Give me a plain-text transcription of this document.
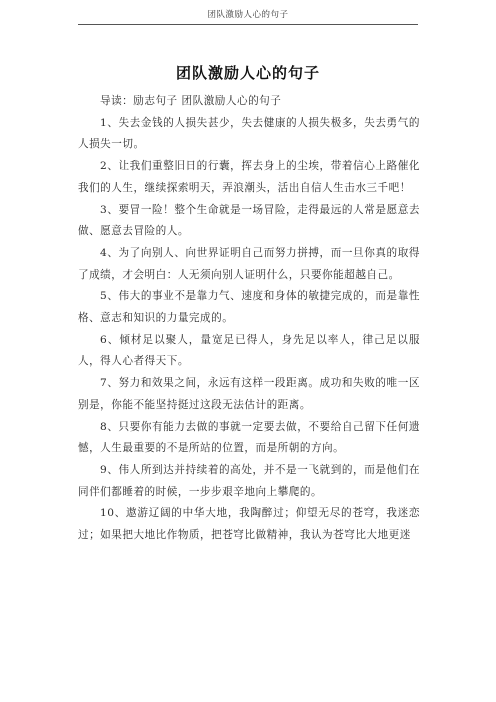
团队激励人心的句子
团队激励人心的句子

导读：励志句子 团队激励人心的句子

1、失去金钱的人损失甚少，失去健康的人损失极多，失去勇气的人损失一切。

2、让我们重整旧日的行囊，挥去身上的尘埃，带着信心上路催化我们的人生，继续探索明天，弄浪潮头，活出自信人生击水三千吧！

3、要冒一险！整个生命就是一场冒险，走得最远的人常是愿意去做、愿意去冒险的人。

4、为了向别人、向世界证明自己而努力拼搏，而一旦你真的取得了成绩，才会明白：人无须向别人证明什么，只要你能超越自己。

5、伟大的事业不是靠力气、速度和身体的敏捷完成的，而是靠性格、意志和知识的力量完成的。

6、倾材足以聚人，量宽足已得人，身先足以率人，律己足以服人，得人心者得天下。

7、努力和效果之间，永远有这样一段距离。成功和失败的唯一区别是，你能不能坚持挺过这段无法估计的距离。

8、只要你有能力去做的事就一定要去做，不要给自己留下任何遗憾，人生最重要的不是所站的位置，而是所朝的方向。

9、伟人所到达并持续着的高处，并不是一飞就到的，而是他们在同伴们都睡着的时候，一步步艰辛地向上攀爬的。

10、遨游辽阔的中华大地，我陶醉过；仰望无尽的苍穹，我迷恋过；如果把大地比作物质，把苍穹比做精神，我认为苍穹比大地更迷
